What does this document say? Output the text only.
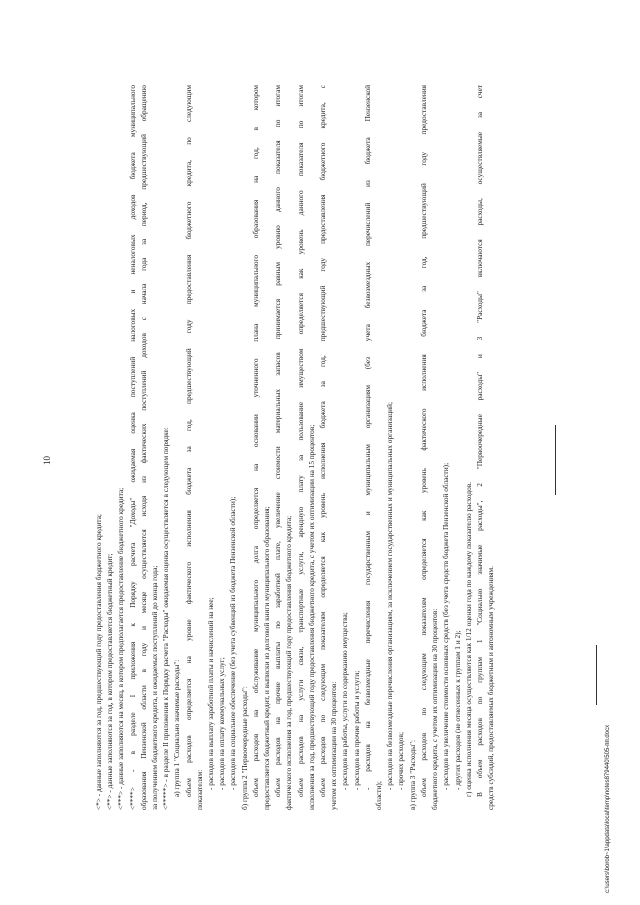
10
<*> - данные заполняются за год, предшествующий году предоставления бюджетного кредита; <**> - данные заполняются за год, в котором предоставляется бюджетный кредит; <***> - данные заполняются на месяц, в котором предполагается предоставление бюджетного кредита; <****> - в разделе I приложения к Порядку расчета "Доходы" ожидаемая оценка поступлений налоговых и неналоговых доходов бюджета муниципального образования Пензенской области в году и месяце осуществляется исходя из фактических поступлений доходов с начала года за период, предшествующий обращению за получением бюджетного кредита, и ожидаемых поступлений до конца года; <*****> - в разделе II приложения к Порядку расчета "Расходы" ожидаемая оценка осуществляется в следующем порядке: а) группа 1 "Социально значимые расходы": объем расходов определяется на уровне фактического исполнения бюджета за год, предшествующий году предоставления бюджетного кредита, по следующим показателям: - расходов на выплату заработной платы и начислений на нее; - расходов на оплату коммунальных услуг; - расходов на социальное обеспечение (без учета субвенций из бюджета Пензенской области); б) группа 2 "Первоочередные расходы": объем расходов на обслуживание муниципального долга определяется на основании уточненного плана муниципального образования на год, в котором предоставляется бюджетный кредит, и выписки из долговой книги муниципального образования; объем расходов на прочие выплаты по заработной плате, увеличение стоимости материальных запасов принимается равным уровню данного показателя по итогам фактического исполнения за год, предшествующий году предоставления бюджетного кредита; объем расходов на услуги связи, транспортные услуги, арендную плату за пользование имуществом определяется как уровень данного показателя по итогам исполнения за год, предшествующий году предоставления бюджетного кредита, с учетом их оптимизации на 15 процентов; объем расходов по следующим показателям определяется как уровень исполнения бюджета за год, предшествующий году предоставления бюджетного кредита, с учетом их оптимизации на 30 процентов: - расходов на работы, услуги по содержанию имущества; - расходов на прочие работы и услуги; - расходов на безвозмездные перечисления государственным и муниципальным организациям (без учета безвозмездных перечислений из бюджета Пензенской
области);
- расходов на безвозмездные перечисления организациям, за исключением государственных и муниципальных организаций; - прочих расходов; в) группа 3 "Расходы": объем расходов по следующим показателям определяется как уровень фактического исполнения бюджета за год, предшествующий году предоставления бюджетного кредита, с учетом их оптимизации на 30 процентов: - расходов на увеличение стоимости основных средств (без учета средств бюджета Пензенской области); - других расходов (не отнесенных к группам 1 и 2); г) оценка исполнения месяца осуществляется как 1/12 оценки года по каждому показателю расходов. В объем расходов по группам 1 "Социально значимые расходы", 2 "Первоочередные расходы" и 3 "Расходы" включаются расходы, осуществляемые за счет средств субсидий, предоставляемых бюджетным и автономным учреждениям.	c:\users\borob~1\appdata\local\temp\notes879440\505-пп.docx
